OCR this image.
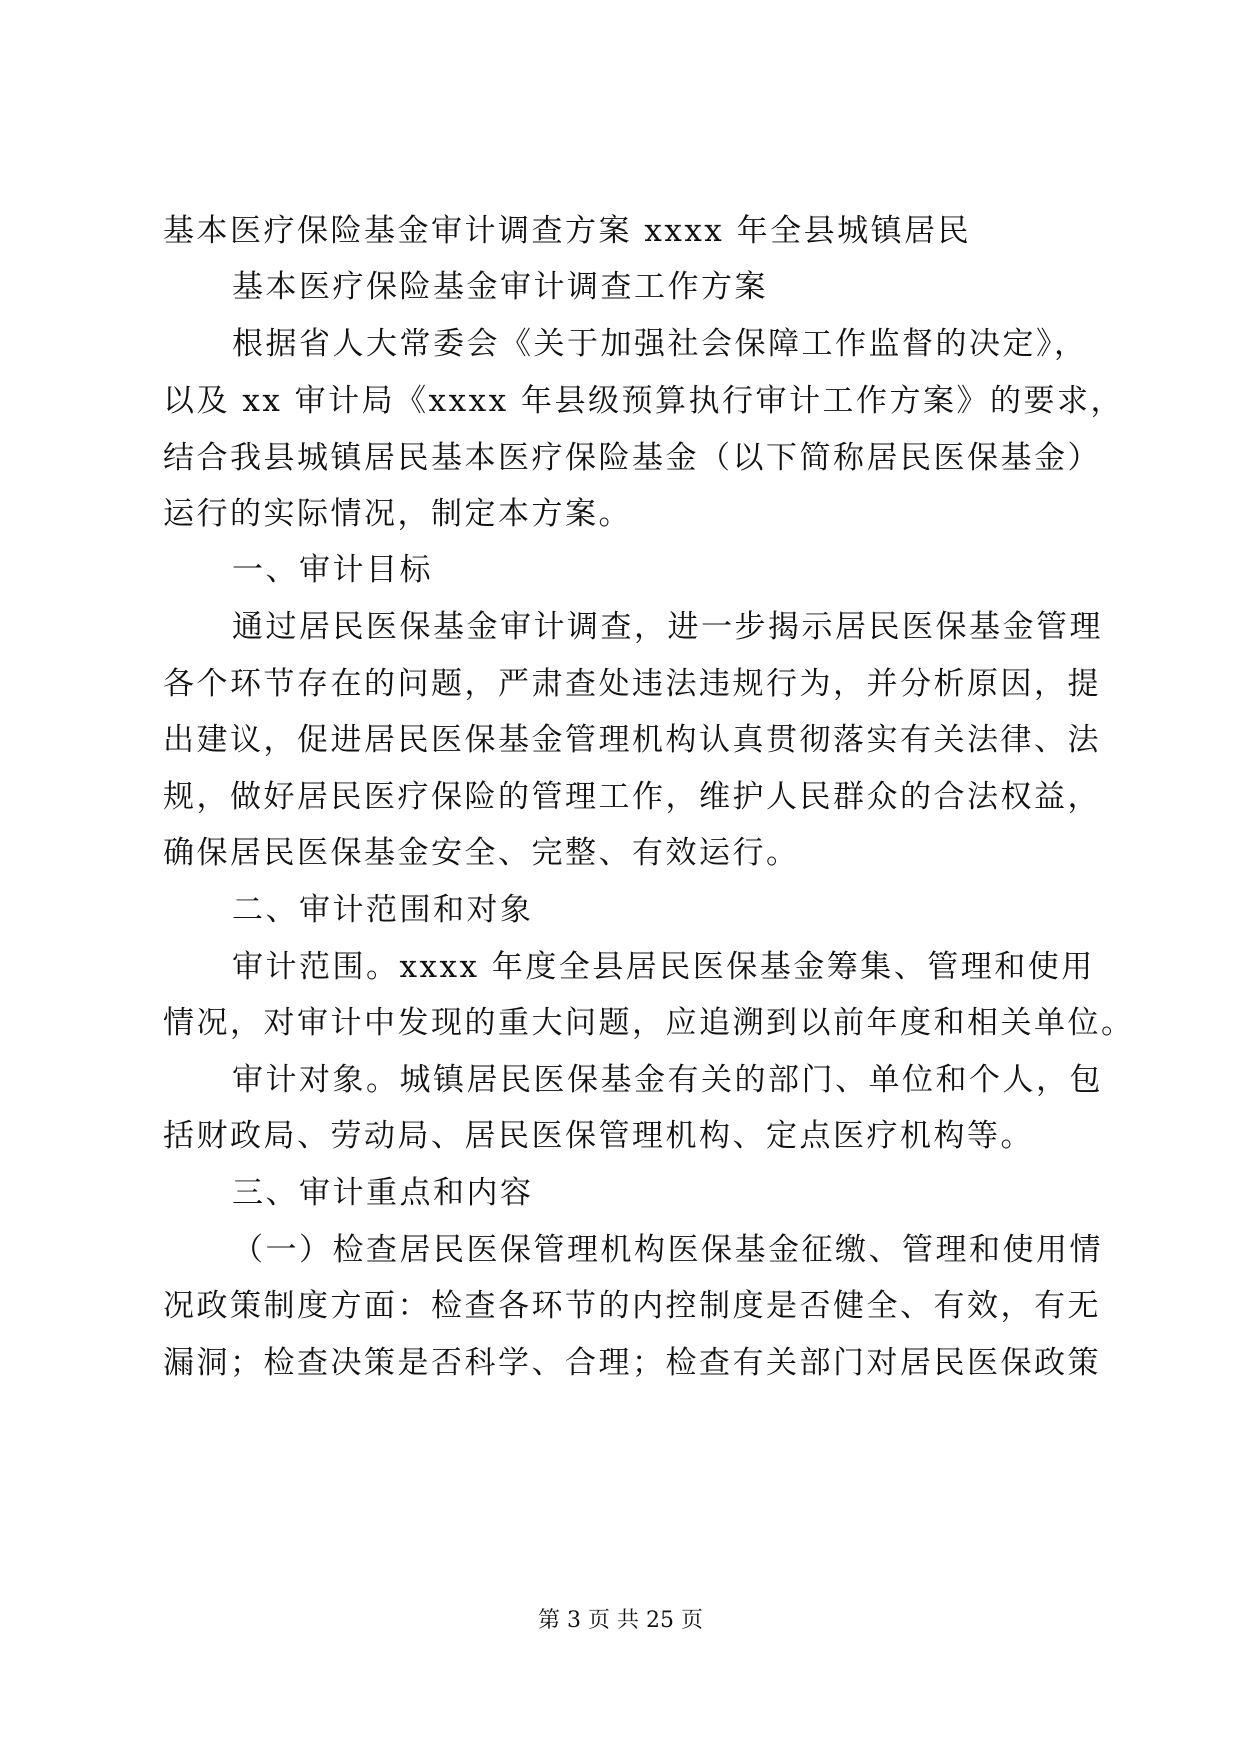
基本医疗保险基金审计调查方案 xxxx 年全县城镇居民
基本医疗保险基金审计调查工作方案
根据省人大常委会《关于加强社会保障工作监督的决定》，
以及 xx 审计局《xxxx 年县级预算执行审计工作方案》的要求，
结合我县城镇居民基本医疗保险基金（以下简称居民医保基金）
运行的实际情况，制定本方案。
一、审计目标
通过居民医保基金审计调查，进一步揭示居民医保基金管理
各个环节存在的问题，严肃查处违法违规行为，并分析原因，提
出建议，促进居民医保基金管理机构认真贯彻落实有关法律、法
规，做好居民医疗保险的管理工作，维护人民群众的合法权益，
确保居民医保基金安全、完整、有效运行。
二、审计范围和对象
审计范围。xxxx 年度全县居民医保基金筹集、管理和使用
情况，对审计中发现的重大问题，应追溯到以前年度和相关单位。
审计对象。城镇居民医保基金有关的部门、单位和个人，包
括财政局、劳动局、居民医保管理机构、定点医疗机构等。
三、审计重点和内容
（一）检查居民医保管理机构医保基金征缴、管理和使用情
况政策制度方面：检查各环节的内控制度是否健全、有效，有无
漏洞；检查决策是否科学、合理；检查有关部门对居民医保政策
第 3 页 共 25 页
